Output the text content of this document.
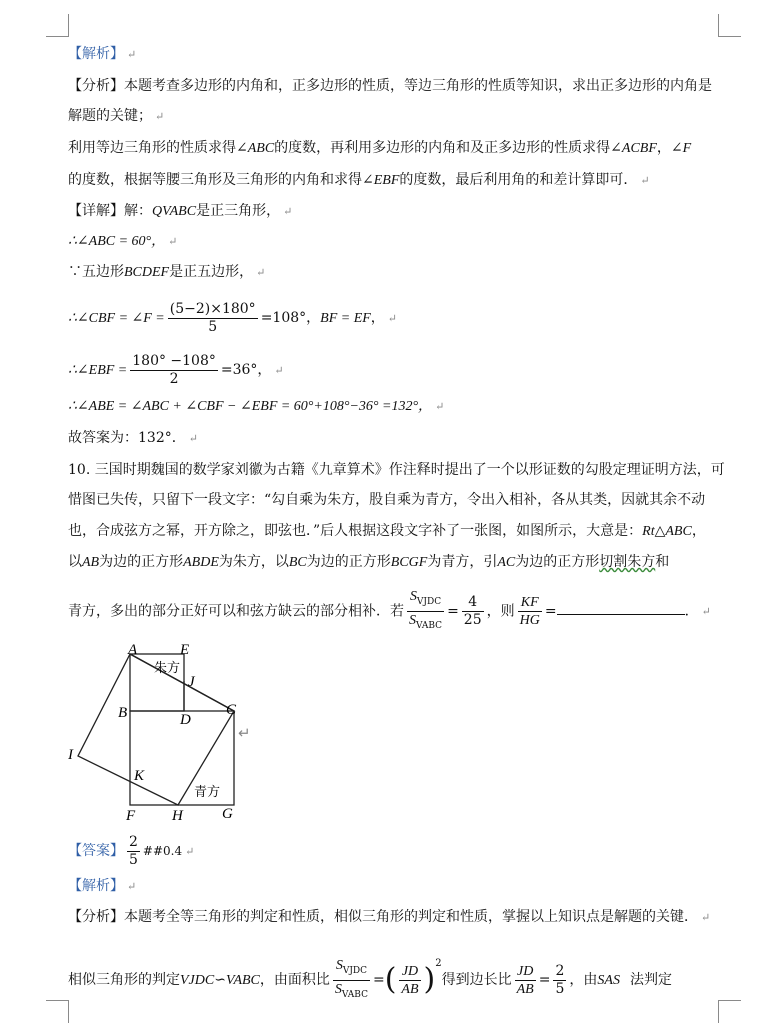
【解析】 ↵
【分析】本题考查多边形的内角和，正多边形的性质，等边三角形的性质等知识，求出正多边形的内角是
解题的关键； ↵
利用等边三角形的性质求得∠ABC的度数，再利用多边形的内角和及正多边形的性质求得∠ACBF，∠F
的度数，根据等腰三角形及三角形的内角和求得∠EBF的度数，最后利用角的和差计算即可． ↵
【详解】解：QVABC是正三角形， ↵
∴∠ABC = 60°， ↵
∵五边形BCDEF是正五边形， ↵
∴∠CBF = ∠F = $\frac{(5-2)\times 180^\circ}{5} =108^\circ$，BF = EF， ↵
∴∠EBF = $\frac{180^\circ -108^\circ}{2} =36^\circ$， ↵
∴∠ABE = ∠ABC + ∠CBF − ∠EBF = 60°+108°−36° =132°， ↵
故答案为：132°． ↵
10. 三国时期魏国的数学家刘徽为古籍《九章算术》作注释时提出了一个以形证数的勾股定理证明方法，可
惜图已失传，只留下一段文字：“勾自乘为朱方，股自乘为青方，令出入相补，各从其类，因就其余不动
也，合成弦方之幂，开方除之，即弦也．”后人根据这段文字补了一张图，如图所示，大意是：Rt△ABC，
以AB为边的正方形ABDE为朱方，以BC为边的正方形BCGF为青方，引AC为边的正方形切割朱方和
青方，多出的部分正好可以和弦方缺云的部分相补．若 $\frac{S_{VJDC}}{S_{VABC}} = \frac{4}{25}$ ，则 $\frac{KF}{HG}$ =	． ↵
A	E
J
B	D
C
I
K
F H	G
朱方
青方
↵
【答案】 $\frac{2}{5}$ ##0.4 ↵
【解析】 ↵
【分析】本题考全等三角形的判定和性质，相似三角形的判定和性质，掌握以上知识点是解题的关键． ↵
相似三角形的判定VJDC∽VABC，由面积比 $\frac{S_{VJDC}}{S_{VABC}}$ =( $\frac{JD}{AB} )^2$得到边长比 $\frac{JD}{AB} = \frac{2}{5}$ ，由SAS 法判定
